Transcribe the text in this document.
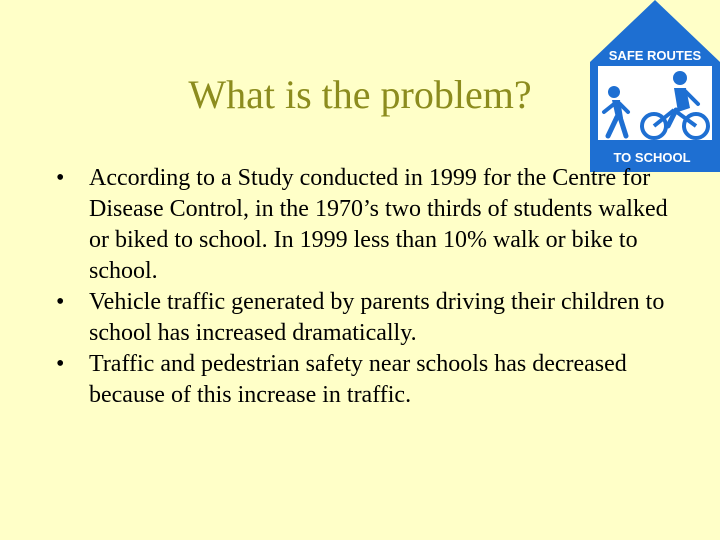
What is the problem?
SAFE ROUTES
TO SCHOOL
•	According to a Study conducted in 1999 for the Centre for Disease Control, in the 1970’s two thirds of students walked or biked to school. In 1999 less than 10% walk or bike to school.
•	Vehicle traffic generated by parents driving their children to school has increased dramatically.
•	Traffic and pedestrian safety near schools has decreased because of this increase in traffic.
